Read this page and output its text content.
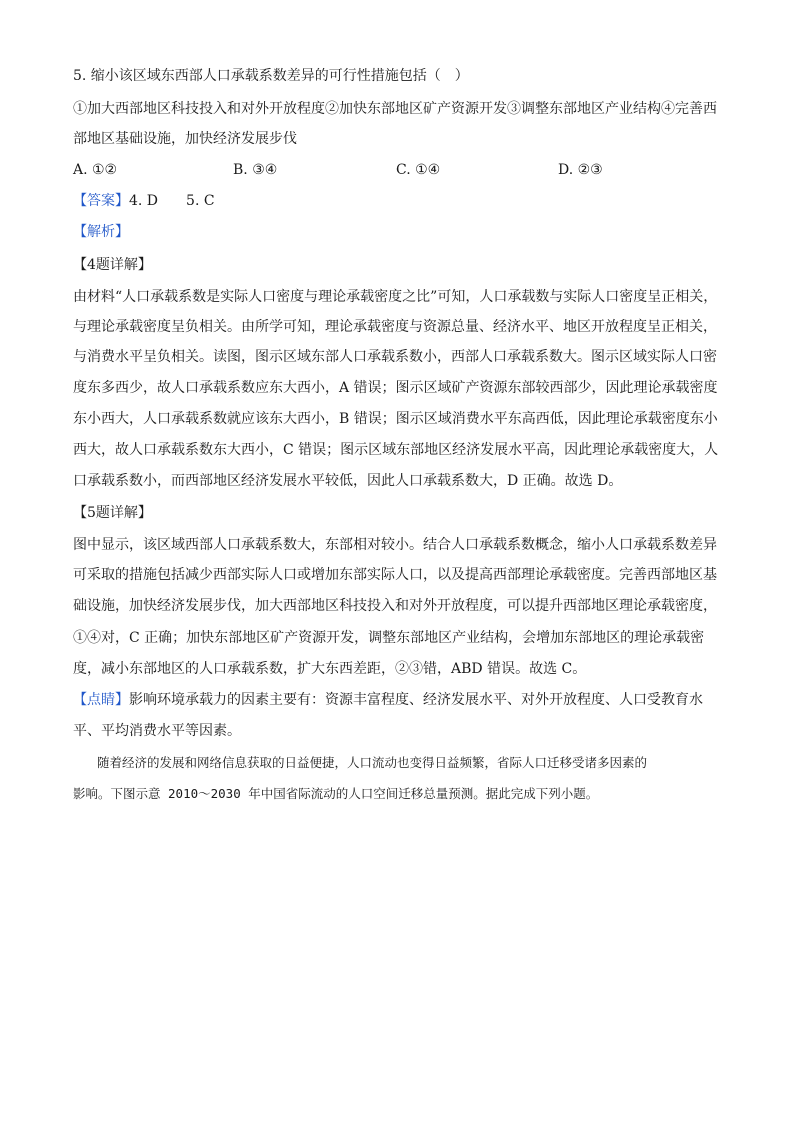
5. 缩小该区域东西部人口承载系数差异的可行性措施包括（　）
①加大西部地区科技投入和对外开放程度②加快东部地区矿产资源开发③调整东部地区产业结构④完善西
部地区基础设施，加快经济发展步伐
A. ①②	B. ③④	C. ①④	D. ②③
【答案】4. D　　5. C
【解析】
【4题详解】
由材料“人口承载系数是实际人口密度与理论承载密度之比”可知，人口承载数与实际人口密度呈正相关，
与理论承载密度呈负相关。由所学可知，理论承载密度与资源总量、经济水平、地区开放程度呈正相关，
与消费水平呈负相关。读图，图示区域东部人口承载系数小，西部人口承载系数大。图示区域实际人口密
度东多西少，故人口承载系数应东大西小，A 错误；图示区域矿产资源东部较西部少，因此理论承载密度
东小西大，人口承载系数就应该东大西小，B 错误；图示区域消费水平东高西低，因此理论承载密度东小
西大，故人口承载系数东大西小，C 错误；图示区域东部地区经济发展水平高，因此理论承载密度大，人
口承载系数小，而西部地区经济发展水平较低，因此人口承载系数大，D 正确。故选 D。
【5题详解】
图中显示，该区域西部人口承载系数大，东部相对较小。结合人口承载系数概念，缩小人口承载系数差异
可采取的措施包括减少西部实际人口或增加东部实际人口，以及提高西部理论承载密度。完善西部地区基
础设施，加快经济发展步伐，加大西部地区科技投入和对外开放程度，可以提升西部地区理论承载密度，
①④对，C 正确；加快东部地区矿产资源开发，调整东部地区产业结构，会增加东部地区的理论承载密
度，减小东部地区的人口承载系数，扩大东西差距，②③错，ABD 错误。故选 C。
【点睛】影响环境承载力的因素主要有：资源丰富程度、经济发展水平、对外开放程度、人口受教育水
平、平均消费水平等因素。
随着经济的发展和网络信息获取的日益便捷，人口流动也变得日益频繁，省际人口迁移受诸多因素的
影响。下图示意 2010～2030 年中国省际流动的人口空间迁移总量预测。据此完成下列小题。
